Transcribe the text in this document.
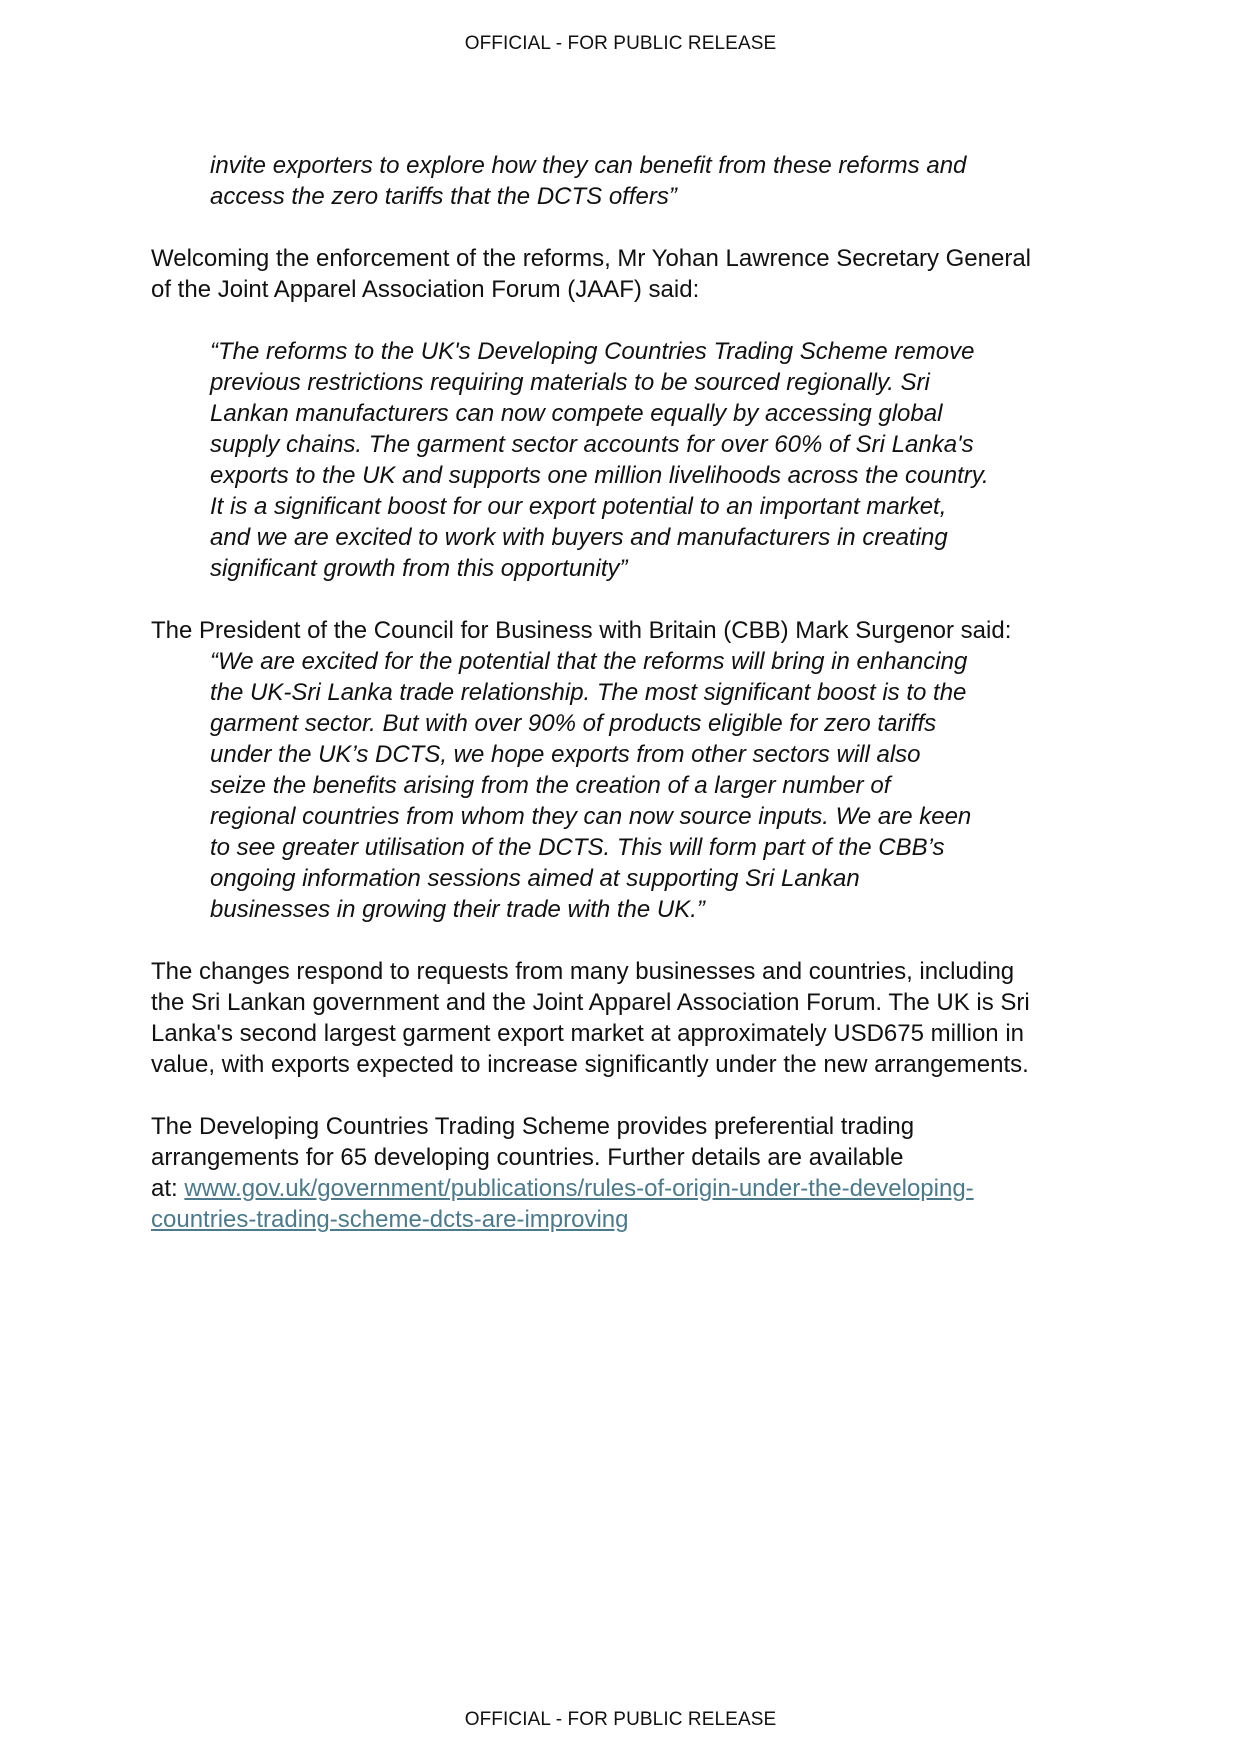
OFFICIAL - FOR PUBLIC RELEASE

invite exporters to explore how they can benefit from these reforms and
access the zero tariffs that the DCTS offers”

Welcoming the enforcement of the reforms, Mr Yohan Lawrence Secretary General
of the Joint Apparel Association Forum (JAAF) said:

“The reforms to the UK's Developing Countries Trading Scheme remove
previous restrictions requiring materials to be sourced regionally. Sri
Lankan manufacturers can now compete equally by accessing global
supply chains. The garment sector accounts for over 60% of Sri Lanka's
exports to the UK and supports one million livelihoods across the country.
It is a significant boost for our export potential to an important market,
and we are excited to work with buyers and manufacturers in creating
significant growth from this opportunity”

The President of the Council for Business with Britain (CBB) Mark Surgenor said:

“We are excited for the potential that the reforms will bring in enhancing
the UK-Sri Lanka trade relationship. The most significant boost is to the
garment sector. But with over 90% of products eligible for zero tariffs
under the UK’s DCTS, we hope exports from other sectors will also
seize the benefits arising from the creation of a larger number of
regional countries from whom they can now source inputs. We are keen
to see greater utilisation of the DCTS. This will form part of the CBB’s
ongoing information sessions aimed at supporting Sri Lankan
businesses in growing their trade with the UK.”

The changes respond to requests from many businesses and countries, including
the Sri Lankan government and the Joint Apparel Association Forum. The UK is Sri
Lanka's second largest garment export market at approximately USD675 million in
value, with exports expected to increase significantly under the new arrangements.

The Developing Countries Trading Scheme provides preferential trading
arrangements for 65 developing countries. Further details are available
at: www.gov.uk/government/publications/rules-of-origin-under-the-developing-
countries-trading-scheme-dcts-are-improving

OFFICIAL - FOR PUBLIC RELEASE
